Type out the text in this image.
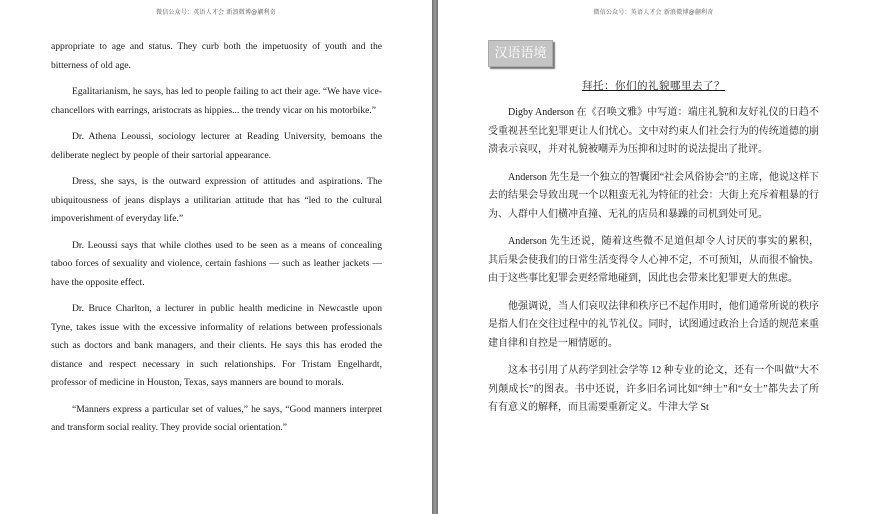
微信公众号：英语人才会 新浪微博@蒯利奇

appropriate to age and status. They curb both the impetuosity of youth and the bitterness of old age.

Egalitarianism, he says, has led to people failing to act their age. “We have vice-chancellors with earrings, aristocrats as hippies... the trendy vicar on his motorbike.”

Dr. Athena Leoussi, sociology lecturer at Reading University, bemoans the deliberate neglect by people of their sartorial appearance.

Dress, she says, is the outward expression of attitudes and aspirations. The ubiquitousness of jeans displays a utilitarian attitude that has “led to the cultural impoverishment of everyday life.”

Dr. Leoussi says that while clothes used to be seen as a means of concealing taboo forces of sexuality and violence, certain fashions — such as leather jackets — have the opposite effect.

Dr. Bruce Charlton, a lecturer in public health medicine in Newcastle upon Tyne, takes issue with the excessive informality of relations between professionals such as doctors and bank managers, and their clients. He says this has eroded the distance and respect necessary in such relationships. For Tristam Engelhardt, professor of medicine in Houston, Texas, says manners are bound to morals.

“Manners express a particular set of values,” he says, “Good manners interpret and transform social reality. They provide social orientation.”

微信公众号：英语人才会 新浪微博@蒯利奇
汉语语境
拜托：你们的礼貌哪里去了？

Digby Anderson 在《召唤文雅》中写道：端庄礼貌和友好礼仪的日趋不受重视甚至比犯罪更让人们忧心。文中对约束人们社会行为的传统道德的崩溃表示哀叹，并对礼貌被嘲弄为压抑和过时的说法提出了批评。

Anderson 先生是一个独立的智囊团“社会风俗协会”的主席，他说这样下去的结果会导致出现一个以粗蛮无礼为特征的社会：大街上充斥着粗暴的行为、人群中人们横冲直撞、无礼的店员和暴躁的司机到处可见。

Anderson 先生还说，随着这些微不足道但却令人讨厌的事实的累积，其后果会使我们的日常生活变得令人心神不定，不可预知，从而很不愉快。由于这些事比犯罪会更经常地碰到，因此也会带来比犯罪更大的焦虑。

他强调说，当人们哀叹法律和秩序已不起作用时，他们通常所说的秩序是指人们在交往过程中的礼节礼仪。同时，试图通过政治上合适的规范来重建自律和自控是一厢情愿的。

这本书引用了从药学到社会学等 12 种专业的论文，还有一个叫做“大不列颠成长”的图表。书中还说，许多旧名词比如“绅士”和“女士”都失去了所有有意义的解释，而且需要重新定义。牛津大学 St
